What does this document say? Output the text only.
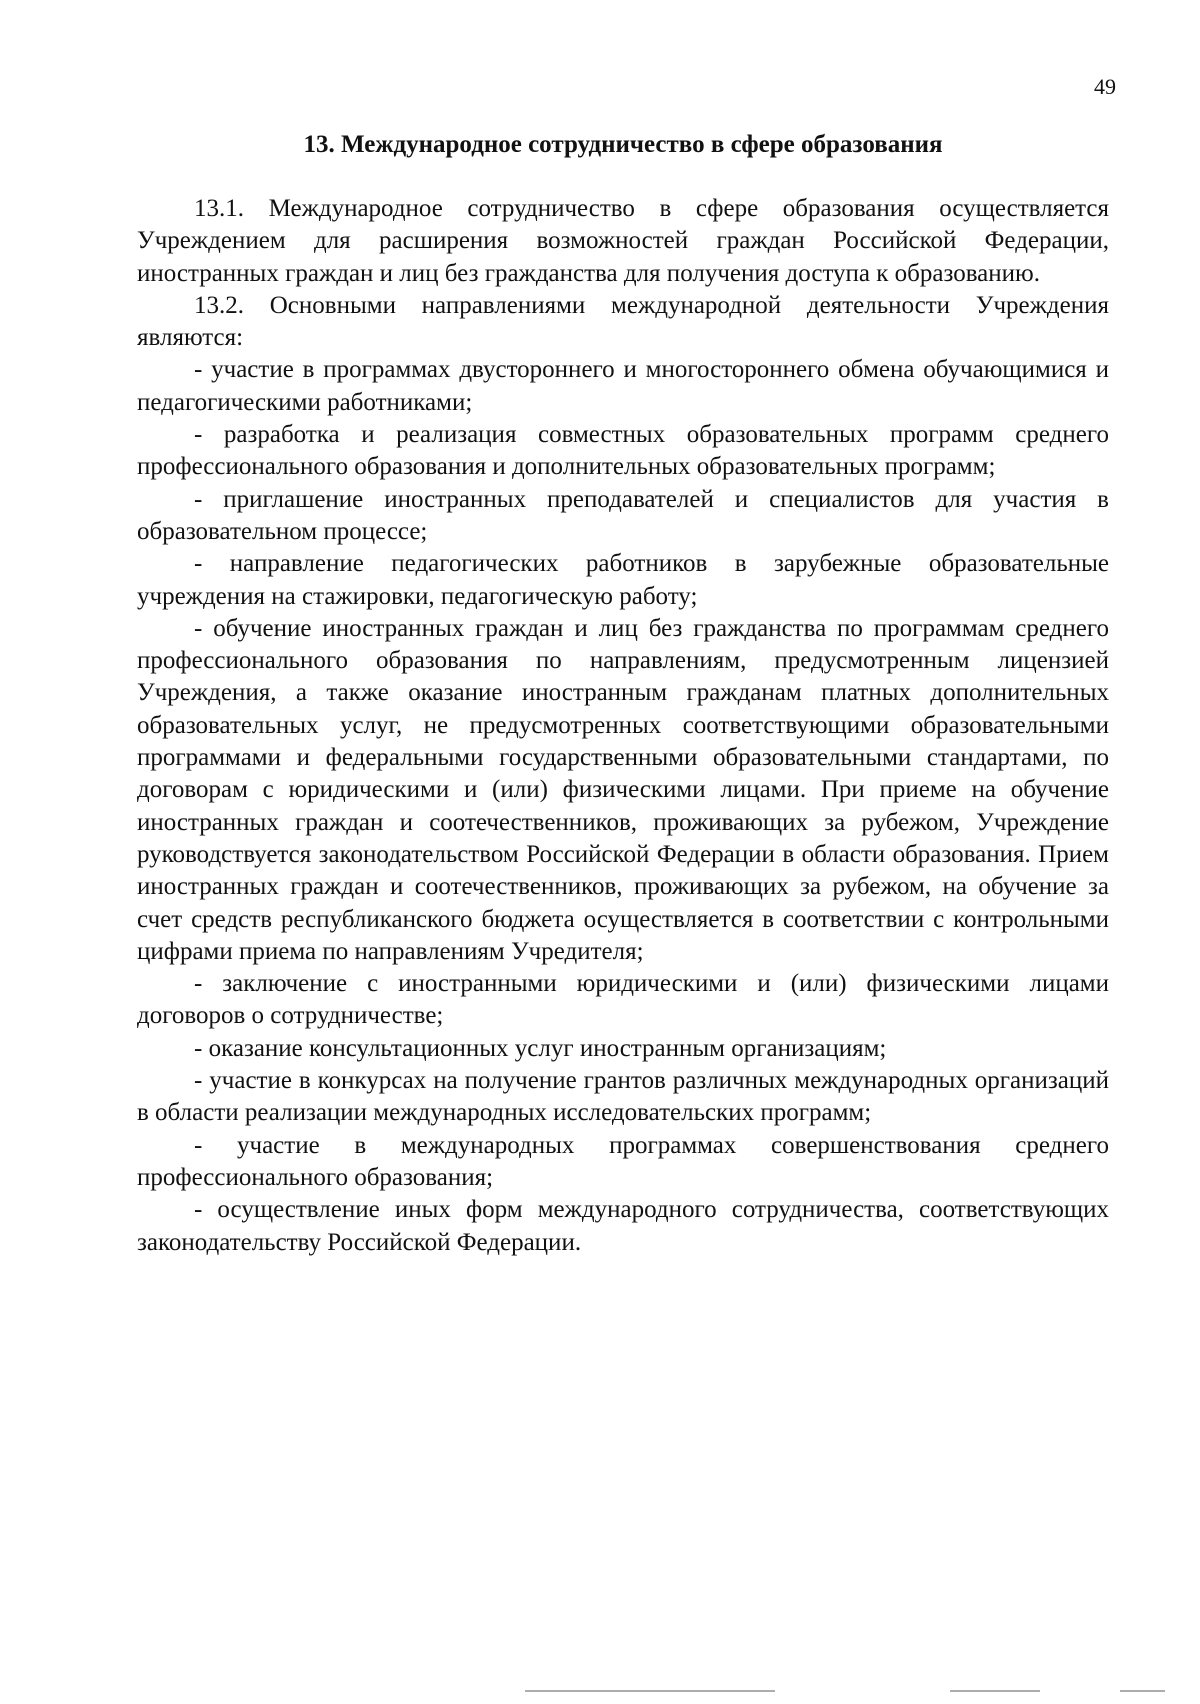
49
13. Международное сотрудничество в сфере образования

13.1. Международное сотрудничество в сфере образования осуществляется Учреждением для расширения возможностей граждан Российской Федерации, иностранных граждан и лиц без гражданства для получения доступа к образованию.

13.2. Основными направлениями международной деятельности Учреждения являются:

- участие в программах двустороннего и многостороннего обмена обучающимися и педагогическими работниками;

- разработка и реализация совместных образовательных программ среднего профессионального образования и дополнительных образовательных программ;

- приглашение иностранных преподавателей и специалистов для участия в образовательном процессе;

- направление педагогических работников в зарубежные образовательные учреждения на стажировки, педагогическую работу;

- обучение иностранных граждан и лиц без гражданства по программам среднего профессионального образования по направлениям, предусмотренным лицензией Учреждения, а также оказание иностранным гражданам платных дополнительных образовательных услуг, не предусмотренных соответствующими образовательными программами и федеральными государственными образовательными стандартами, по договорам с юридическими и (или) физическими лицами. При приеме на обучение иностранных граждан и соотечественников, проживающих за рубежом, Учреждение руководствуется законодательством Российской Федерации в области образования. Прием иностранных граждан и соотечественников, проживающих за рубежом, на обучение за счет средств республиканского бюджета осуществляется в соответствии с контрольными цифрами приема по направлениям Учредителя;

- заключение с иностранными юридическими и (или) физическими лицами договоров о сотрудничестве;

- оказание консультационных услуг иностранным организациям;

- участие в конкурсах на получение грантов различных международных организаций в области реализации международных исследовательских программ;

- участие в международных программах совершенствования среднего профессионального образования;

- осуществление иных форм международного сотрудничества, соответствующих законодательству Российской Федерации.
